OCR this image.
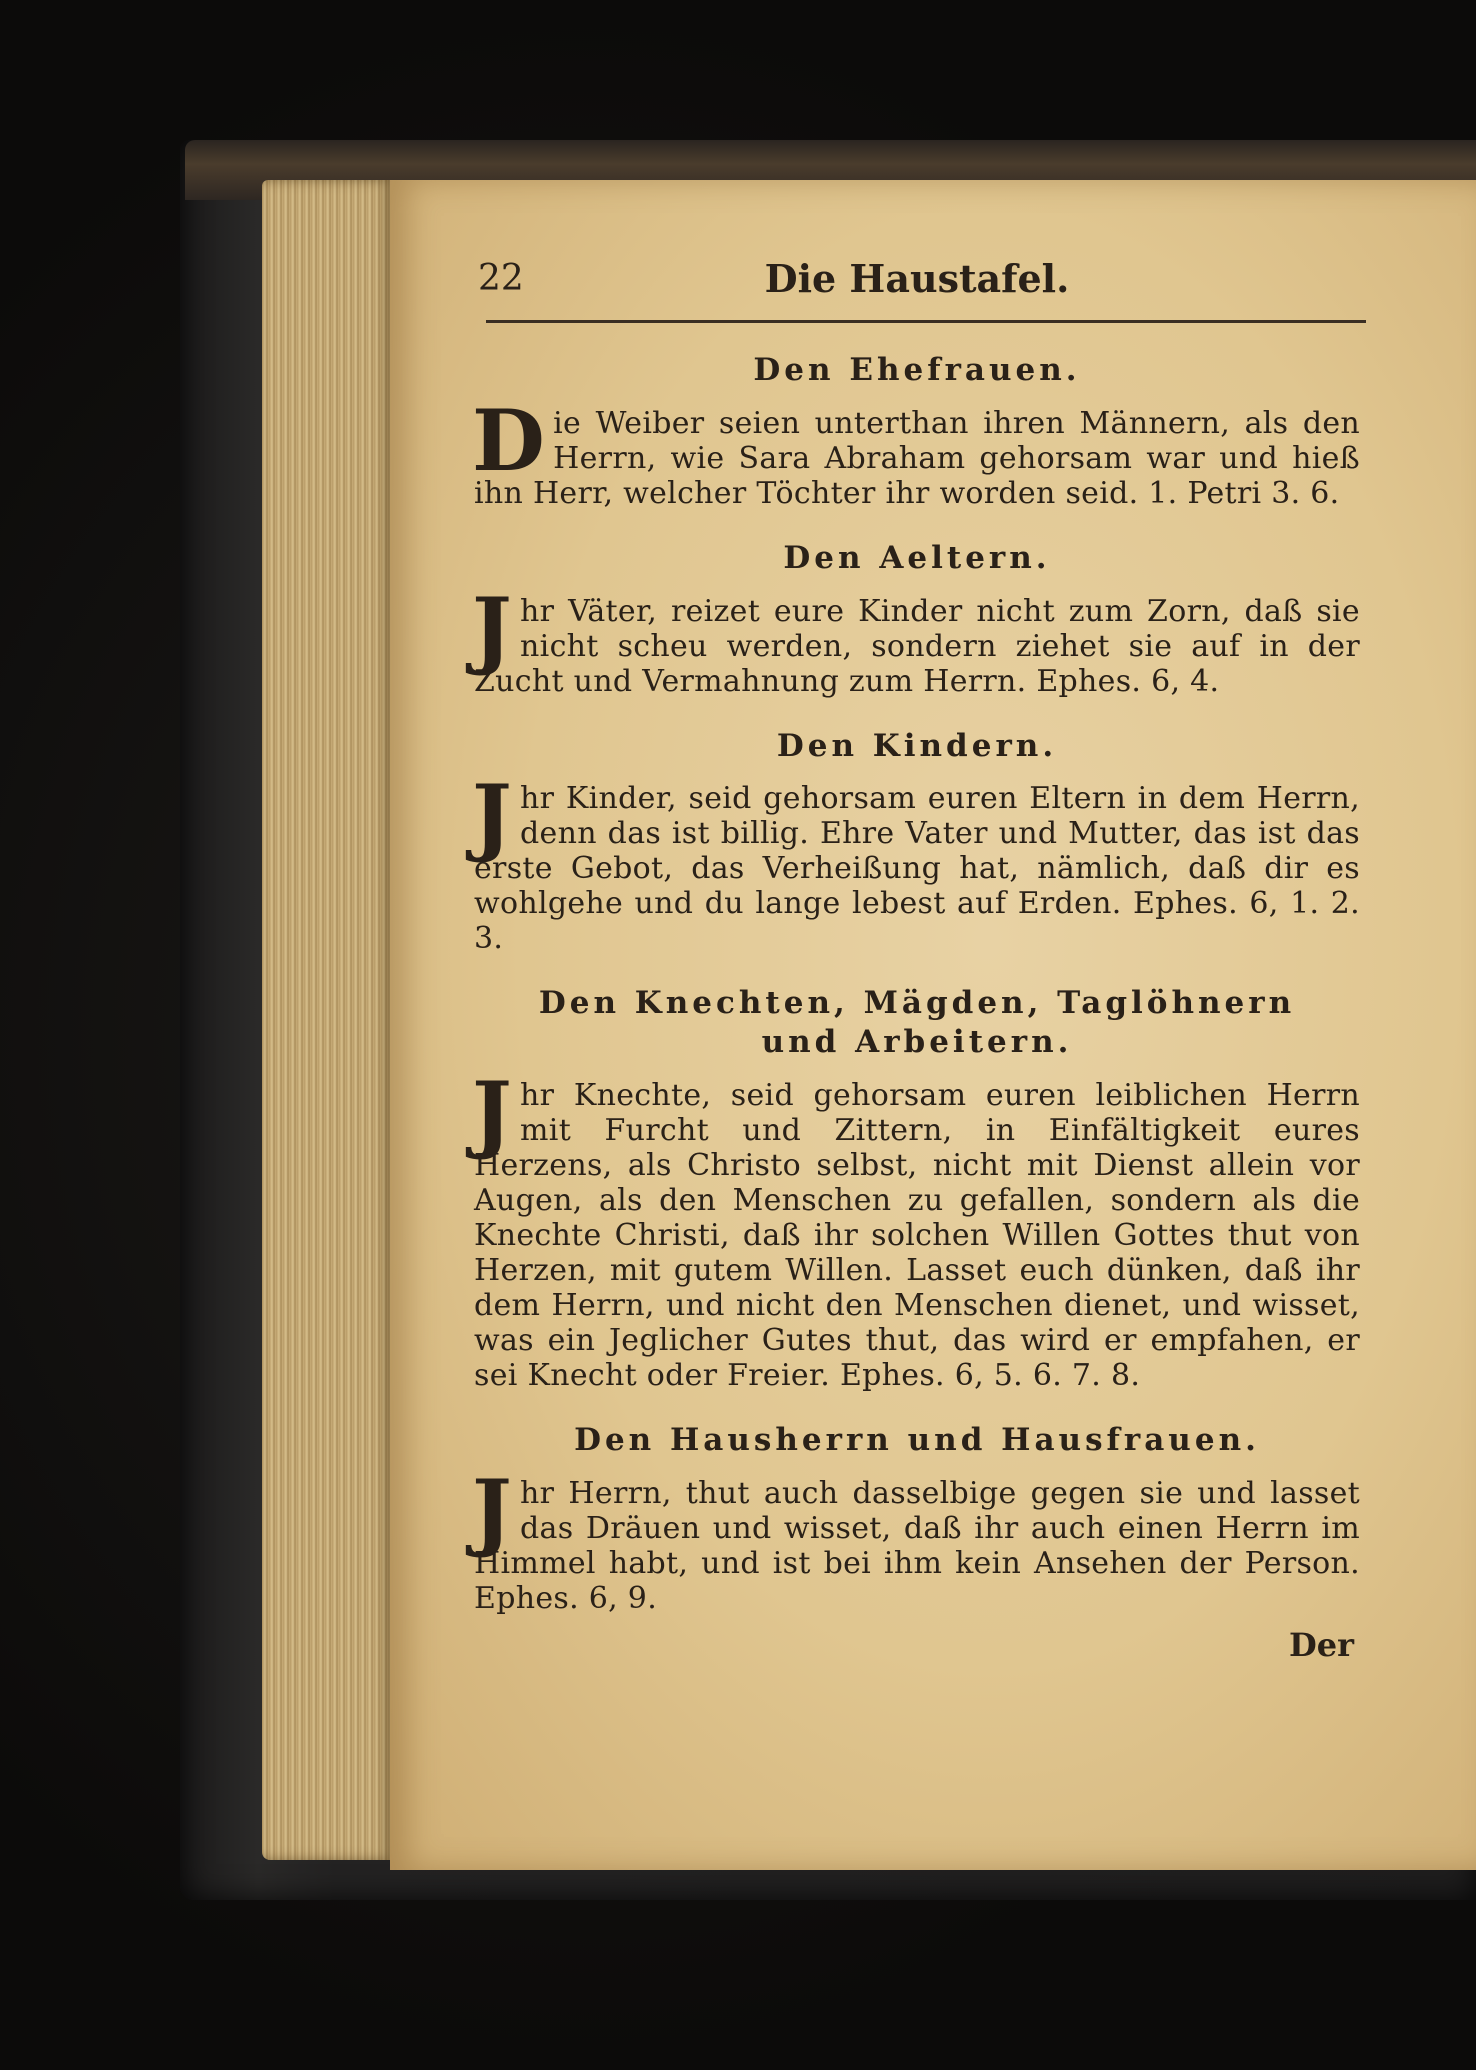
22	Die Haustafel.
Den Ehefrauen.
D ie Weiber seien unterthan ihren Männern, als den Herrn, wie Sara Abraham gehorsam war und hieß ihn Herr, welcher Töchter ihr worden seid. 1. Petri 3. 6.
Den Aeltern.
J hr Väter, reizet eure Kinder nicht zum Zorn, daß sie nicht scheu werden, sondern ziehet sie auf in der Zucht und Vermahnung zum Herrn. Ephes. 6, 4.
Den Kindern.
J hr Kinder, seid gehorsam euren Eltern in dem Herrn, denn das ist billig. Ehre Vater und Mutter, das ist das erste Gebot, das Verheißung hat, nämlich, daß dir es wohlgehe und du lange lebest auf Erden. Ephes. 6, 1. 2. 3.
Den Knechten, Mägden, Taglöhnern
und Arbeitern.
J hr Knechte, seid gehorsam euren leiblichen Herrn mit Furcht und Zittern, in Einfältigkeit eures Herzens, als Christo selbst, nicht mit Dienst allein vor Augen, als den Menschen zu gefallen, sondern als die Knechte Christi, daß ihr solchen Willen Gottes thut von Herzen, mit gutem Willen. Lasset euch dünken, daß ihr dem Herrn, und nicht den Menschen dienet, und wisset, was ein Jeglicher Gutes thut, das wird er empfahen, er sei Knecht oder Freier. Ephes. 6, 5. 6. 7. 8.
Den Hausherrn und Hausfrauen.
J hr Herrn, thut auch dasselbige gegen sie und lasset das Dräuen und wisset, daß ihr auch einen Herrn im Himmel habt, und ist bei ihm kein Ansehen der Person. Ephes. 6, 9.
Der
